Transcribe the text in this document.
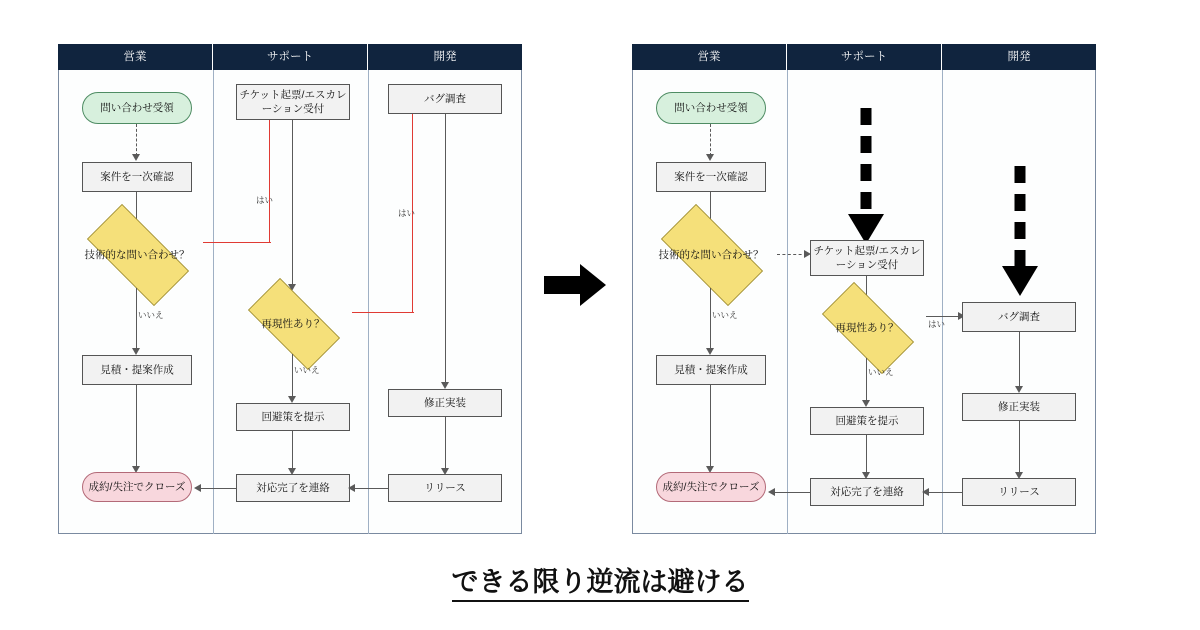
営業	サポート	開発
問い合わせ受領
案件を一次確認
技術的な問い合わせ？
はい
いいえ
見積・提案作成
成約/失注でクローズ
チケット起票/エスカレーション受付
再現性あり？
はい
いいえ
回避策を提示
対応完了を連絡
バグ調査
修正実装
リリース
営業	サポート	開発
問い合わせ受領
案件を一次確認
技術的な問い合わせ？
いいえ
見積・提案作成
成約/失注でクローズ
チケット起票/エスカレーション受付
再現性あり？	はい
いいえ
回避策を提示
対応完了を連絡
バグ調査
修正実装
リリース
できる限り逆流は避ける
